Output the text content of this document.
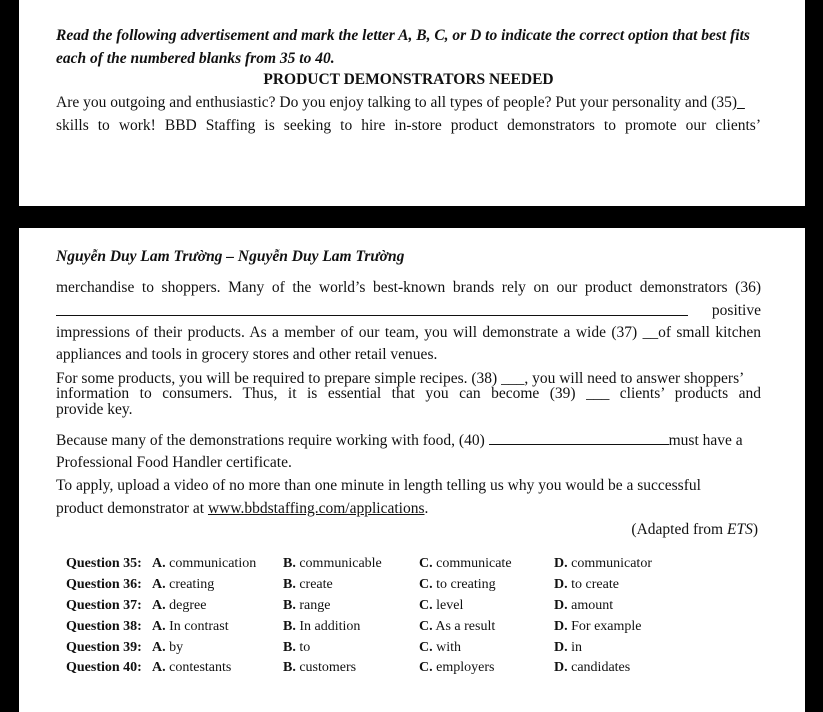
Read the following advertisement and mark the letter A, B, C, or D to indicate the correct option that best fits
each of the numbered blanks from 35 to 40.
PRODUCT DEMONSTRATORS NEEDED
Are you outgoing and enthusiastic? Do you enjoy talking to all types of people? Put your personality and (35)_
skills to work! BBD Staffing is seeking to hire in-store product demonstrators to promote our clients’
Nguyễn Duy Lam Trường – Nguyễn Duy Lam Trường
merchandise to shoppers. Many of the world’s best-known brands rely on our product demonstrators (36)
positive
impressions of their products. As a member of our team, you will demonstrate a wide (37) __of small kitchen
appliances and tools in grocery stores and other retail venues.
For some products, you will be required to prepare simple recipes. (38) ___, you will need to answer shoppers’
information to consumers. Thus, it is essential that you can become (39) ___ clients’ products and
provide key.
Because many of the demonstrations require working with food, (40)	must have a
Professional Food Handler certificate.
To apply, upload a video of no more than one minute in length telling us why you would be a successful
product demonstrator at www.bbdstaffing.com/applications.
(Adapted from ETS)
Question 35:	A. communication	B. communicable	C. communicate	D. communicator
Question 36:	A. creating	B. create	C. to creating	D. to create
Question 37:	A. degree	B. range	C. level	D. amount
Question 38:	A. In contrast	B. In addition	C. As a result	D. For example
Question 39:	A. by	B. to	C. with	D. in
Question 40:	A. contestants	B. customers	C. employers	D. candidates
